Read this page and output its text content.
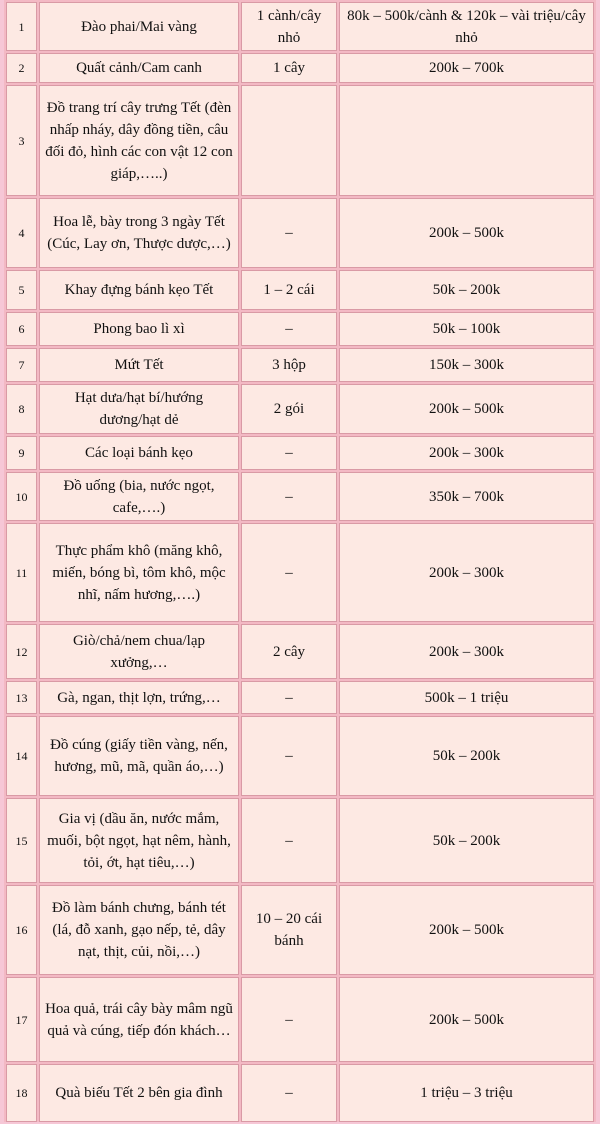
1	Đào phai/Mai vàng	1 cành/cây nhỏ	80k – 500k/cành & 120k – vài triệu/cây nhỏ
2	Quất cảnh/Cam canh	1 cây	200k – 700k
3	Đồ trang trí cây trưng Tết (đèn nhấp nháy, dây đồng tiền, câu đối đỏ, hình các con vật 12 con giáp,…..)		
4	Hoa lễ, bày trong 3 ngày Tết (Cúc, Lay ơn, Thược dược,…)	–	200k – 500k
5	Khay đựng bánh kẹo Tết	1 – 2 cái	50k – 200k
6	Phong bao lì xì	–	50k – 100k
7	Mứt Tết	3 hộp	150k – 300k
8	Hạt dưa/hạt bí/hướng dương/hạt dẻ	2 gói	200k – 500k
9	Các loại bánh kẹo	–	200k – 300k
10	Đồ uống (bia, nước ngọt, cafe,….)	–	350k – 700k
11	Thực phẩm khô (măng khô, miến, bóng bì, tôm khô, mộc nhĩ, nấm hương,….)	–	200k – 300k
12	Giò/chả/nem chua/lạp xưởng,…	2 cây	200k – 300k
13	Gà, ngan, thịt lợn, trứng,…	–	500k – 1 triệu
14	Đồ cúng (giấy tiền vàng, nến, hương, mũ, mã, quần áo,…)	–	50k – 200k
15	Gia vị (dầu ăn, nước mắm, muối, bột ngọt, hạt nêm, hành, tỏi, ớt, hạt tiêu,…)	–	50k – 200k
16	Đồ làm bánh chưng, bánh tét (lá, đỗ xanh, gạo nếp, tẻ, dây nạt, thịt, củi, nồi,…)	10 – 20 cái bánh	200k – 500k
17	Hoa quả, trái cây bày mâm ngũ quả và cúng, tiếp đón khách…	–	200k – 500k
18	Quà biếu Tết 2 bên gia đình	–	1 triệu – 3 triệu
